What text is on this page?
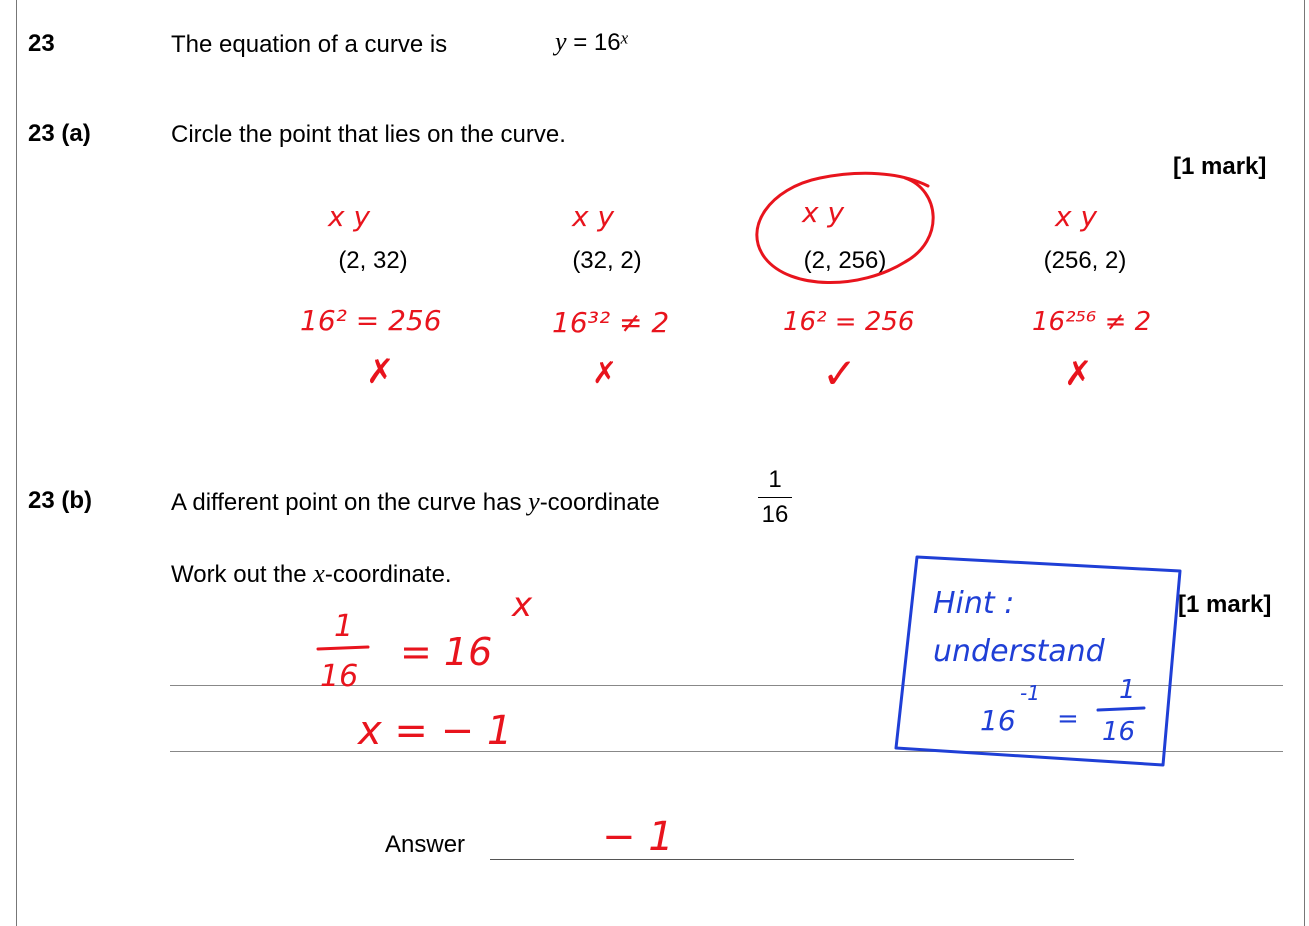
23	The equation of a curve is	$y = 16^x$
23 (a)	Circle the point that lies on the curve.
[1 mark]
(2, 32)	(32, 2)	(2, 256)	(256, 2)
23 (b)	A different point on the curve has y-coordinate
1
16
Work out the x-coordinate.
[1 mark]
Answer
x y	x y	x y	x y
16² = 256	16³² ≠ 2	16² = 256	16²⁵⁶ ≠ 2
✗	✗	✓	✗
1
16
= 16
x
x = − 1
− 1
Hint :
understand
16
-1
=
1
16
